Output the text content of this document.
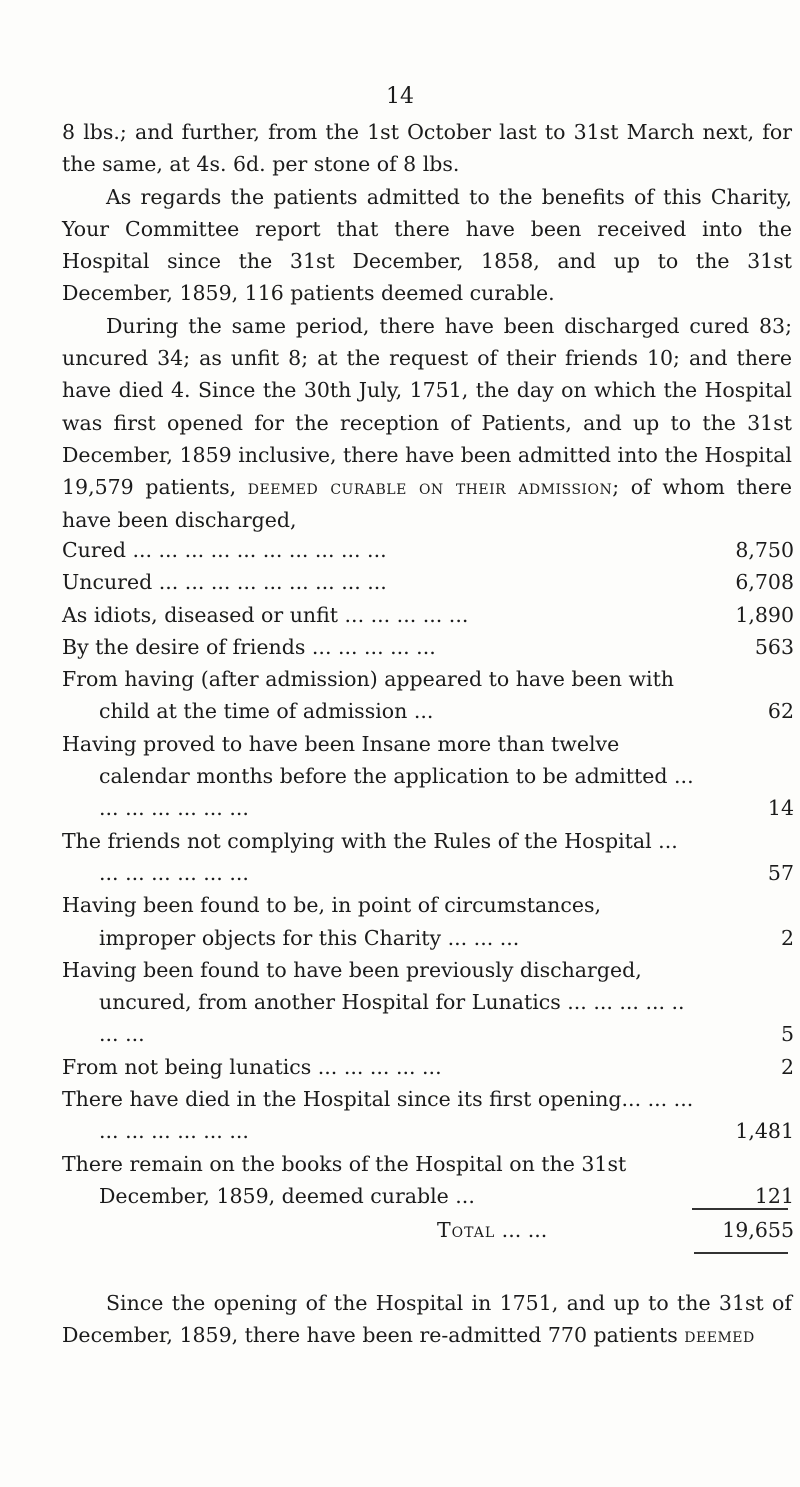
14

8 lbs.; and further, from the 1st October last to 31st March next, for the same, at 4s. 6d. per stone of 8 lbs.

As regards the patients admitted to the benefits of this Charity, Your Committee report that there have been received into the Hospital since the 31st December, 1858, and up to the 31st December, 1859, 116 patients deemed curable.

During the same period, there have been discharged cured 83; uncured 34; as unfit 8; at the request of their friends 10; and there have died 4. Since the 30th July, 1751, the day on which the Hospital was first opened for the reception of Patients, and up to the 31st December, 1859 inclusive, there have been admitted into the Hospital 19,579 patients, deemed curable on their admission; of whom there have been discharged,

Cured ... ... ... ... ... ... ... ... ... ...	8,750
Uncured ... ... ... ... ... ... ... ... ...	6,708
As idiots, diseased or unfit ... ... ... ... ...	1,890
By the desire of friends ... ... ... ... ...	563
From having (after admission) appeared to have been with child at the time of admission ...	62
Having proved to have been Insane more than twelve calendar months before the application to be admitted ... ... ... ... ... ... ...	14
The friends not complying with the Rules of the Hospital ... ... ... ... ... ... ...	57
Having been found to be, in point of circumstances, improper objects for this Charity ... ... ...	2
Having been found to have been previously discharged, uncured, from another Hospital for Lunatics ... ... ... ... .. ... ...	5
From not being lunatics ... ... ... ... ...	2
There have died in the Hospital since its first opening... ... ... ... ... ... ... ... ...	1,481
There remain on the books of the Hospital on the 31st December, 1859, deemed curable ...	121
Total ... ...	19,655

Since the opening of the Hospital in 1751, and up to the 31st of December, 1859, there have been re-admitted 770 patients deemed
